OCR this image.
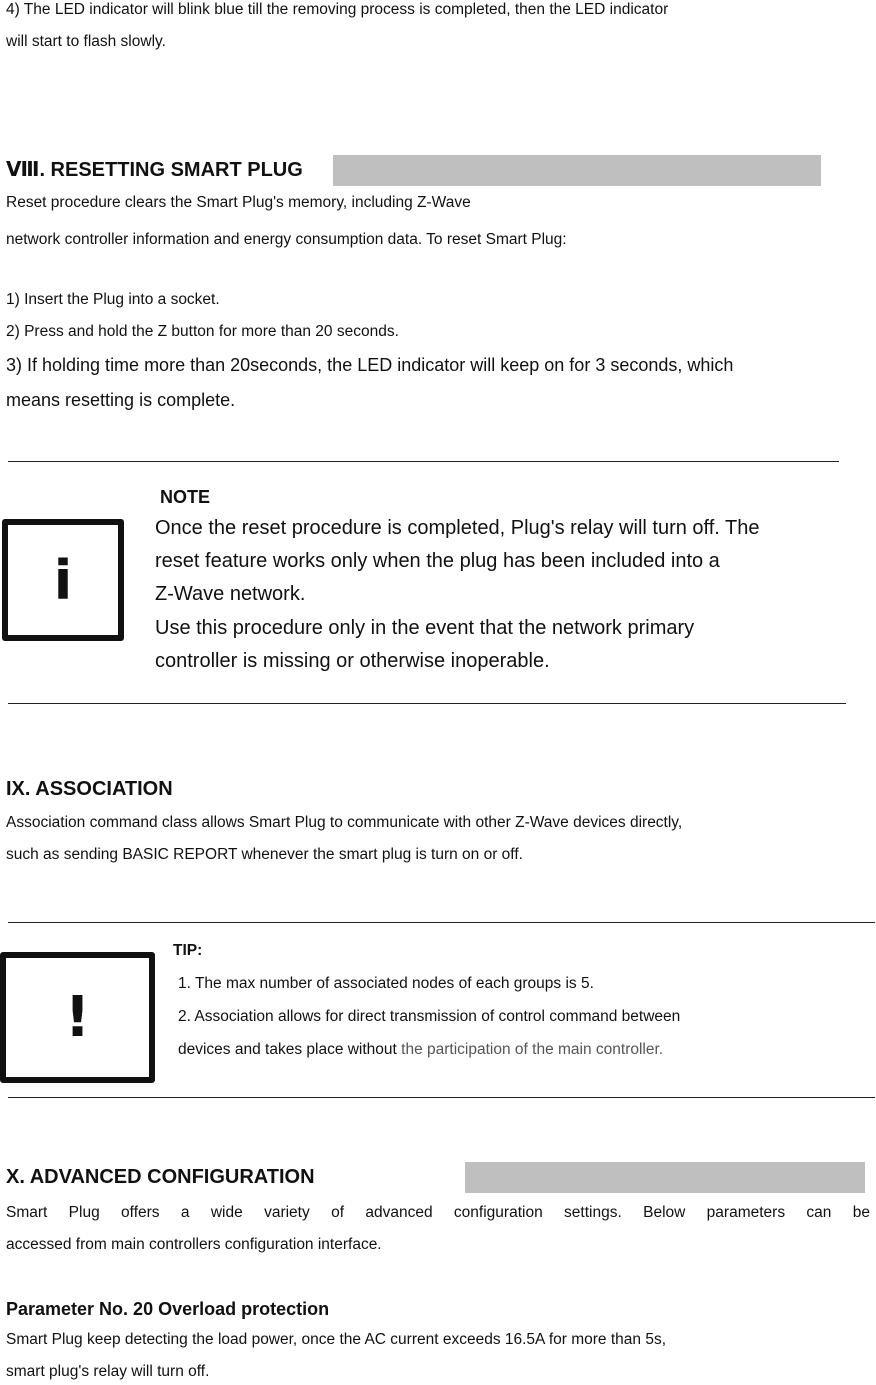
4) The LED indicator will blink blue till the removing process is completed, then the LED indicator
will start to flash slowly.
Ⅷ. RESETTING SMART PLUG
Reset procedure clears the Smart Plug's memory, including Z-Wave
network controller information and energy consumption data. To reset Smart Plug:
1) Insert the Plug into a socket.
2) Press and hold the Z button for more than 20 seconds.
3) If holding time more than 20seconds, the LED indicator will keep on for 3 seconds, which
means resetting is complete.
NOTE
i
Once the reset procedure is completed, Plug's relay will turn off. The
reset feature works only when the plug has been included into a
Z-Wave network.
Use this procedure only in the event that the network primary
controller is missing or otherwise inoperable.
IX. ASSOCIATION
Association command class allows Smart Plug to communicate with other Z-Wave devices directly,
such as sending BASIC REPORT whenever the smart plug is turn on or off.
TIP:
!
1. The max number of associated nodes of each groups is 5.
2. Association allows for direct transmission of control command between
devices and takes place without the participation of the main controller.
X. ADVANCED CONFIGURATION
Smart Plug offers a wide variety of advanced configuration settings. Below parameters can be
accessed from main controllers configuration interface.
Parameter No. 20 Overload protection
Smart Plug keep detecting the load power, once the AC current exceeds 16.5A for more than 5s,
smart plug's relay will turn off.
